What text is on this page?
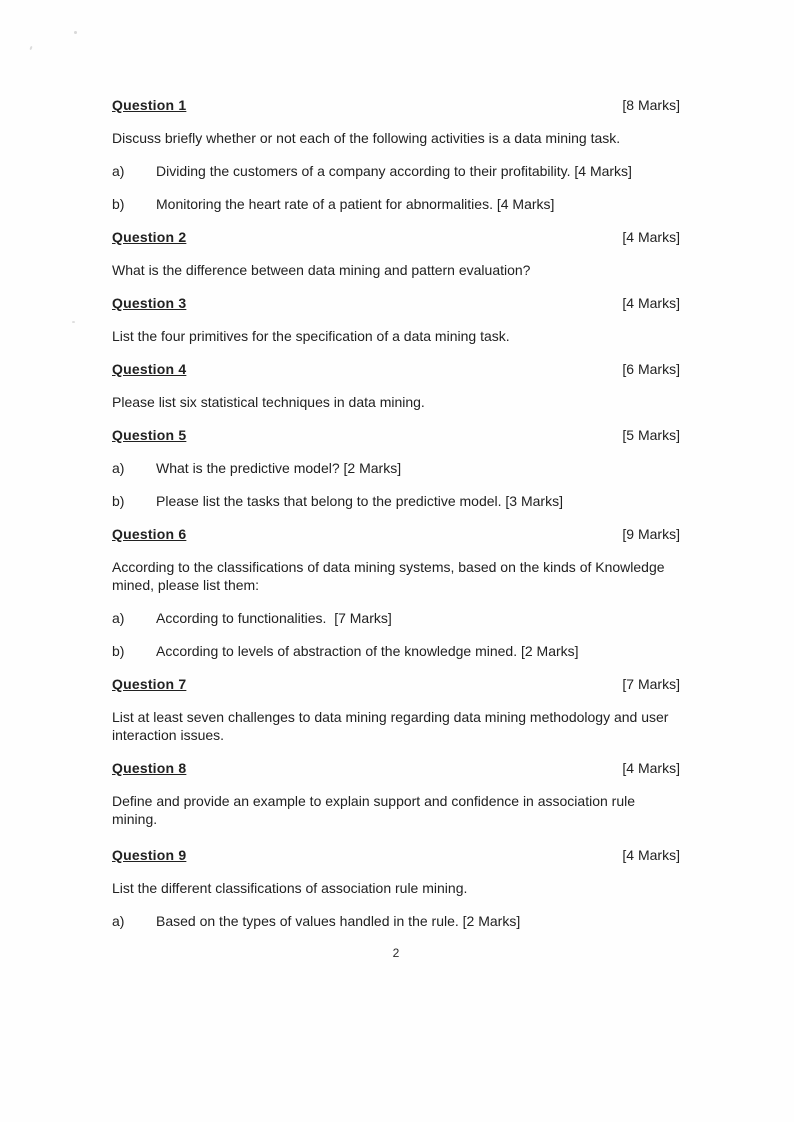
Question 1	[8 Marks]

Discuss briefly whether or not each of the following activities is a data mining task.

a)	Dividing the customers of a company according to their profitability. [4 Marks]
b)	Monitoring the heart rate of a patient for abnormalities. [4 Marks]
Question 2	[4 Marks]

What is the difference between data mining and pattern evaluation?

Question 3	[4 Marks]

List the four primitives for the specification of a data mining task.

Question 4	[6 Marks]

Please list six statistical techniques in data mining.

Question 5	[5 Marks]
a)	What is the predictive model? [2 Marks]
b)	Please list the tasks that belong to the predictive model. [3 Marks]
Question 6	[9 Marks]

According to the classifications of data mining systems, based on the kinds of Knowledge
mined, please list them:

a)	According to functionalities.  [7 Marks]
b)	According to levels of abstraction of the knowledge mined. [2 Marks]
Question 7	[7 Marks]

List at least seven challenges to data mining regarding data mining methodology and user
interaction issues.

Question 8	[4 Marks]

Define and provide an example to explain support and confidence in association rule mining.

Question 9	[4 Marks]

List the different classifications of association rule mining.

a)	Based on the types of values handled in the rule. [2 Marks]
2
